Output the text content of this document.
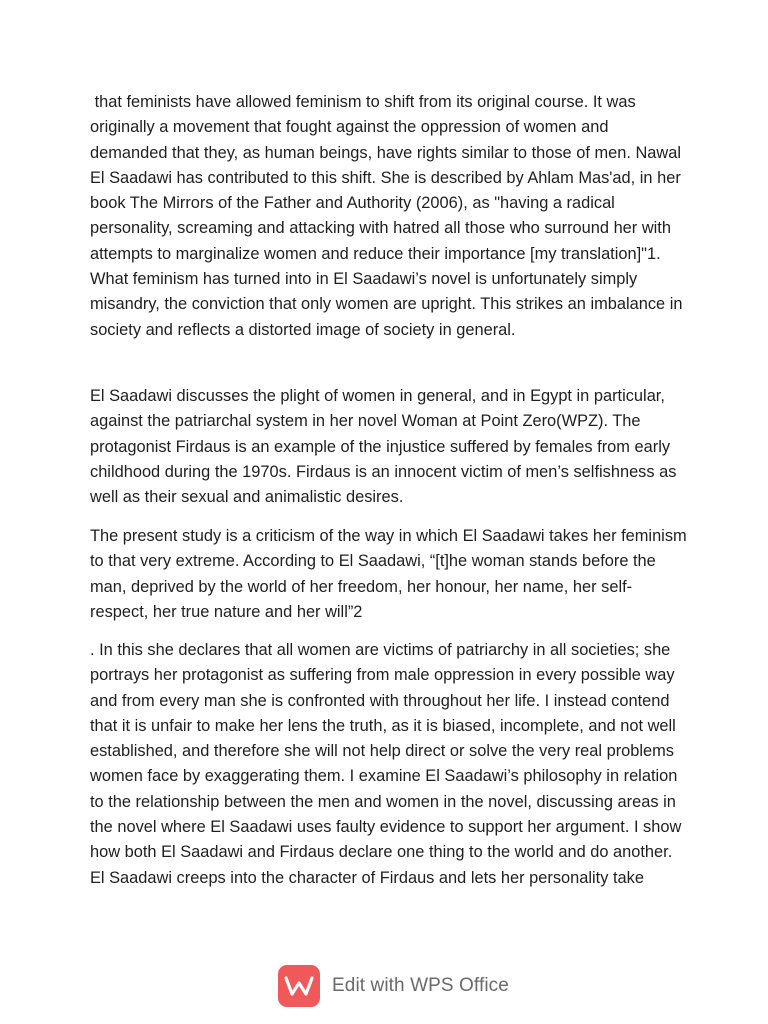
that feminists have allowed feminism to shift from its original course. It was originally a movement that fought against the oppression of women and demanded that they, as human beings, have rights similar to those of men. Nawal El Saadawi has contributed to this shift. She is described by Ahlam Mas'ad, in her book The Mirrors of the Father and Authority (2006), as "having a radical personality, screaming and attacking with hatred all those who surround her with attempts to marginalize women and reduce their importance [my translation]"1. What feminism has turned into in El Saadawi’s novel is unfortunately simply misandry, the conviction that only women are upright. This strikes an imbalance in society and reflects a distorted image of society in general.

El Saadawi discusses the plight of women in general, and in Egypt in particular, against the patriarchal system in her novel Woman at Point Zero(WPZ). The protagonist Firdaus is an example of the injustice suffered by females from early childhood during the 1970s. Firdaus is an innocent victim of men’s selfishness as well as their sexual and animalistic desires.

The present study is a criticism of the way in which El Saadawi takes her feminism to that very extreme. According to El Saadawi, “[t]he woman stands before the man, deprived by the world of her freedom, her honour, her name, her self-respect, her true nature and her will”2

. In this she declares that all women are victims of patriarchy in all societies; she portrays her protagonist as suffering from male oppression in every possible way and from every man she is confronted with throughout her life. I instead contend that it is unfair to make her lens the truth, as it is biased, incomplete, and not well established, and therefore she will not help direct or solve the very real problems women face by exaggerating them. I examine El Saadawi’s philosophy in relation to the relationship between the men and women in the novel, discussing areas in the novel where El Saadawi uses faulty evidence to support her argument. I show how both El Saadawi and Firdaus declare one thing to the world and do another. El Saadawi creeps into the character of Firdaus and lets her personality take

Edit with WPS Office
